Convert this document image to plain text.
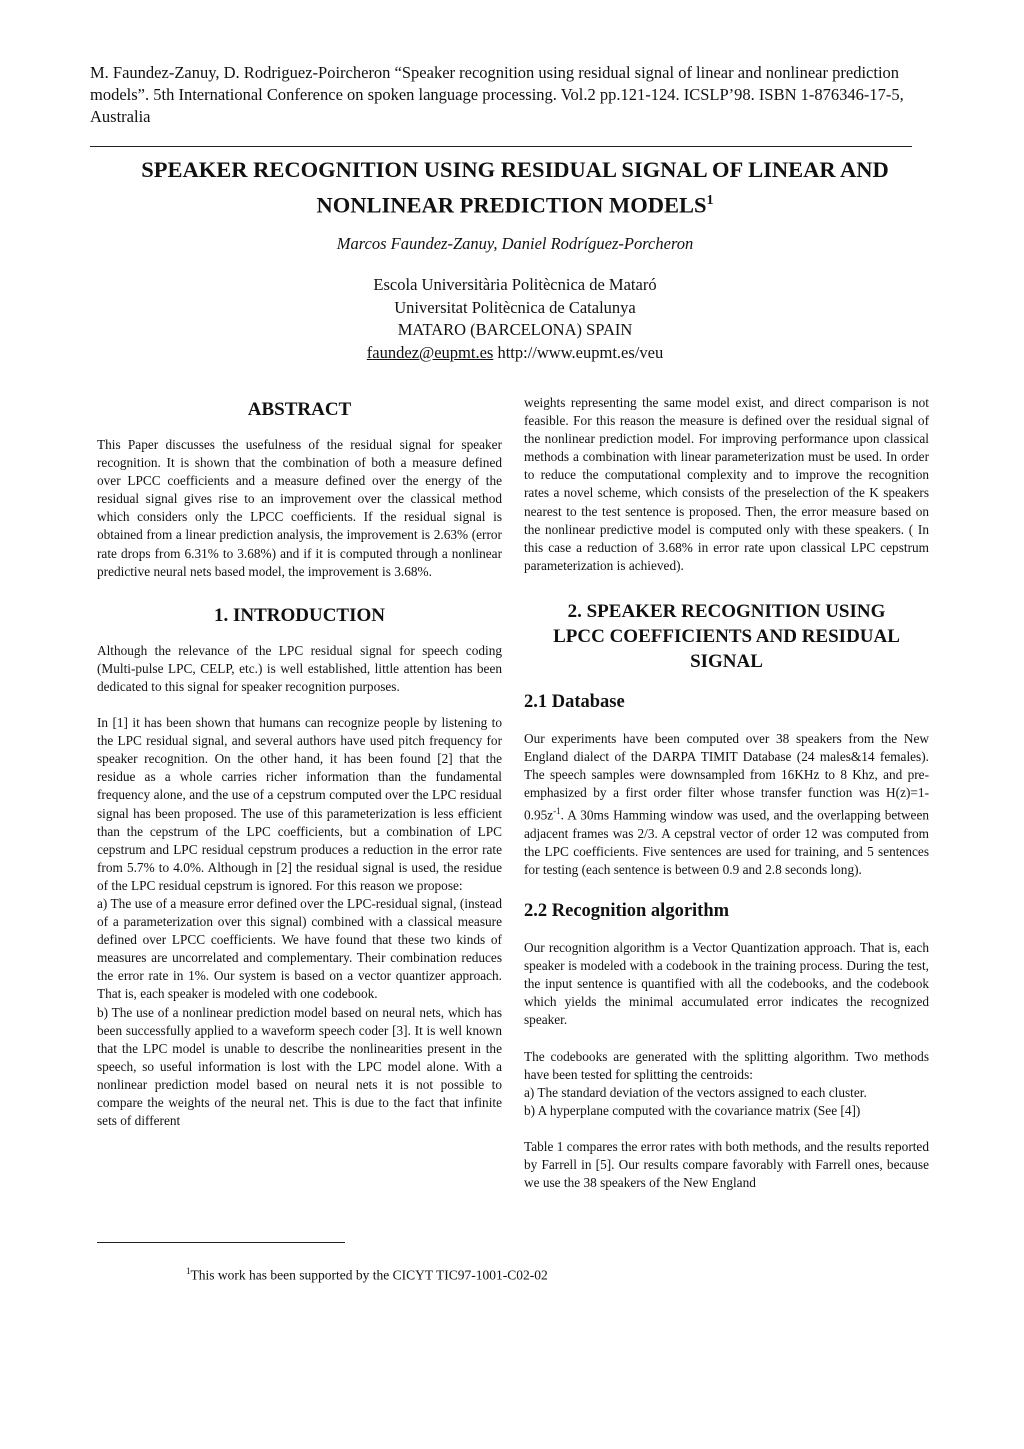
M. Faundez-Zanuy, D. Rodriguez-Poircheron “Speaker recognition using residual signal of linear and nonlinear prediction models”. 5th International Conference on spoken language processing. Vol.2 pp.121-124. ICSLP’98. ISBN 1-876346-17-5, Australia
SPEAKER RECOGNITION USING RESIDUAL SIGNAL OF LINEAR AND
NONLINEAR PREDICTION MODELS$^1$
Marcos Faundez-Zanuy, Daniel Rodríguez-Porcheron
Escola Universitària Politècnica de Mataró
Universitat Politècnica de Catalunya
MATARO (BARCELONA) SPAIN
faundez@eupmt.es http://www.eupmt.es/veu
ABSTRACT

This Paper discusses the usefulness of the residual signal for speaker recognition. It is shown that the combination of both a measure defined over LPCC coefficients and a measure defined over the energy of the residual signal gives rise to an improvement over the classical method which considers only the LPCC coefficients. If the residual signal is obtained from a linear prediction analysis, the improvement is 2.63% (error rate drops from 6.31% to 3.68%) and if it is computed through a nonlinear predictive neural nets based model, the improvement is 3.68%.

1. INTRODUCTION

Although the relevance of the LPC residual signal for speech coding (Multi-pulse LPC, CELP, etc.) is well established, little attention has been dedicated to this signal for speaker recognition purposes.

In [1] it has been shown that humans can recognize people by listening to the LPC residual signal, and several authors have used pitch frequency for speaker recognition. On the other hand, it has been found [2] that the residue as a whole carries richer information than the fundamental frequency alone, and the use of a cepstrum computed over the LPC residual signal has been proposed. The use of this parameterization is less efficient than the cepstrum of the LPC coefficients, but a combination of LPC cepstrum and LPC residual cepstrum produces a reduction in the error rate from 5.7% to 4.0%. Although in [2] the residual signal is used, the residue of the LPC residual cepstrum is ignored. For this reason we propose:

a) The use of a measure error defined over the LPC-residual signal, (instead of a parameterization over this signal) combined with a classical measure defined over LPCC coefficients. We have found that these two kinds of measures are uncorrelated and complementary. Their combination reduces the error rate in 1%. Our system is based on a vector quantizer approach. That is, each speaker is modeled with one codebook.

b) The use of a nonlinear prediction model based on neural nets, which has been successfully applied to a waveform speech coder [3]. It is well known that the LPC model is unable to describe the nonlinearities present in the speech, so useful information is lost with the LPC model alone. With a nonlinear prediction model based on neural nets it is not possible to compare the weights of the neural net. This is due to the fact that infinite sets of different

weights representing the same model exist, and direct comparison is not feasible. For this reason the measure is defined over the residual signal of the nonlinear prediction model. For improving performance upon classical methods a combination with linear parameterization must be used. In order to reduce the computational complexity and to improve the recognition rates a novel scheme, which consists of the preselection of the K speakers nearest to the test sentence is proposed. Then, the error measure based on the nonlinear predictive model is computed only with these speakers. ( In this case a reduction of 3.68% in error rate upon classical LPC cepstrum parameterization is achieved).

2. SPEAKER RECOGNITION USING
LPCC COEFFICIENTS AND RESIDUAL
SIGNAL
2.1 Database

Our experiments have been computed over 38 speakers from the New England dialect of the DARPA TIMIT Database (24 males&14 females). The speech samples were downsampled from 16KHz to 8 Khz, and pre-emphasized by a first order filter whose transfer function was $H(z)=1-0.95z^{-1}$. A 30ms Hamming window was used, and the overlapping between adjacent frames was 2/3. A cepstral vector of order 12 was computed from the LPC coefficients. Five sentences are used for training, and 5 sentences for testing (each sentence is between 0.9 and 2.8 seconds long).

2.2 Recognition algorithm

Our recognition algorithm is a Vector Quantization approach. That is, each speaker is modeled with a codebook in the training process. During the test, the input sentence is quantified with all the codebooks, and the codebook which yields the minimal accumulated error indicates the recognized speaker.

The codebooks are generated with the splitting algorithm. Two methods have been tested for splitting the centroids:

a) The standard deviation of the vectors assigned to each cluster.

b) A hyperplane computed with the covariance matrix (See [4])

Table 1 compares the error rates with both methods, and the results reported by Farrell in [5]. Our results compare favorably with Farrell ones, because we use the 38 speakers of the New England

$^1$This work has been supported by the CICYT TIC97-1001-C02-02
